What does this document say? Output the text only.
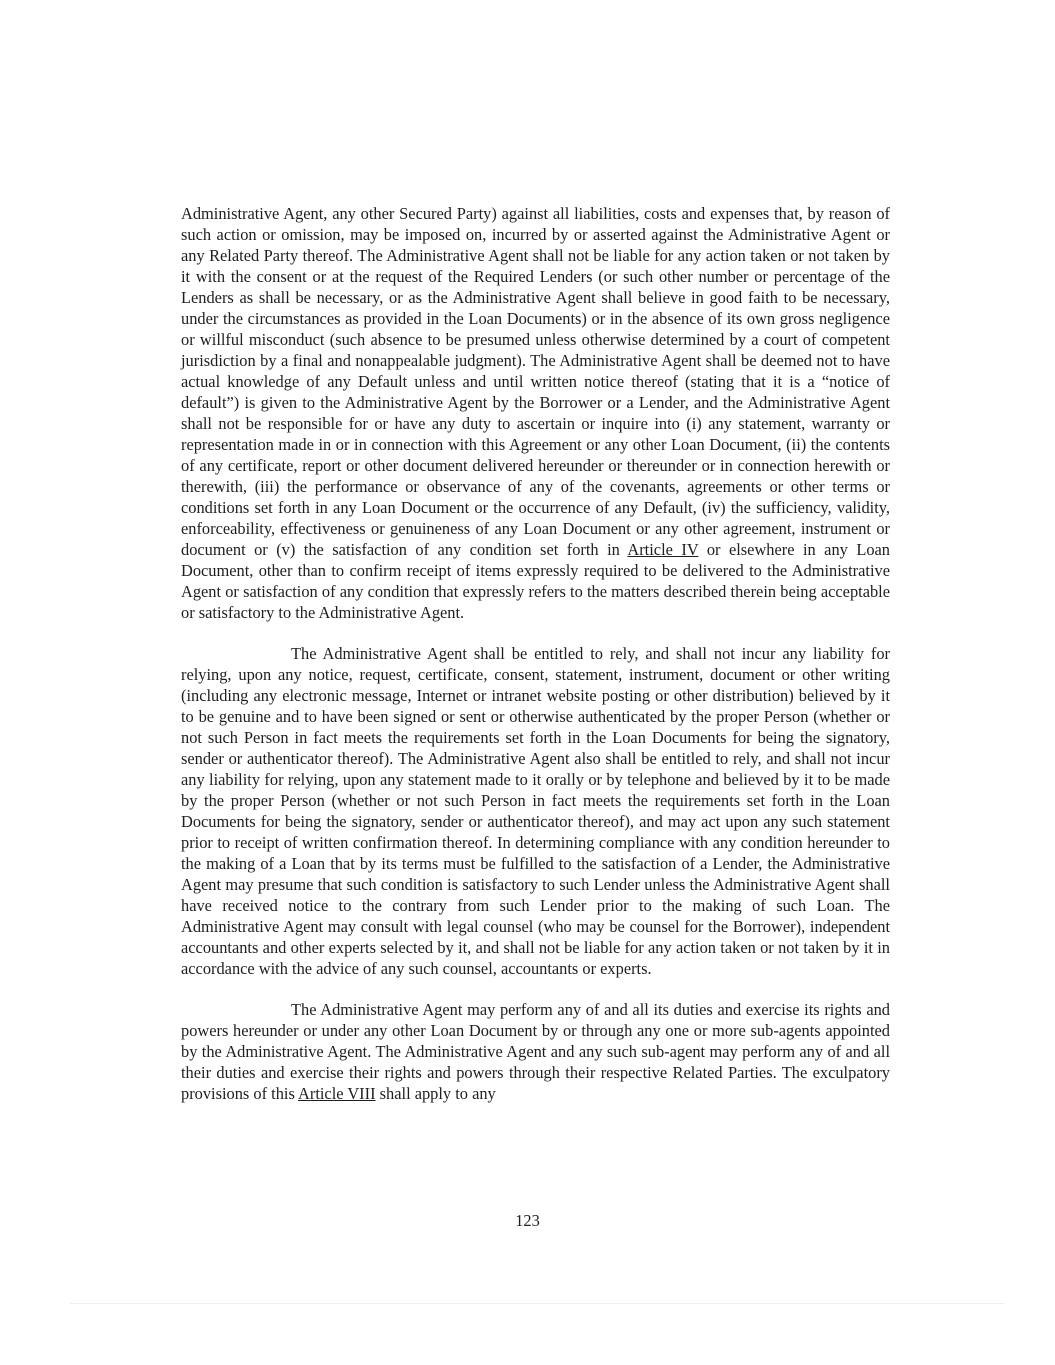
Administrative Agent, any other Secured Party) against all liabilities, costs and expenses that, by reason of such action or omission, may be imposed on, incurred by or asserted against the Administrative Agent or any Related Party thereof. The Administrative Agent shall not be liable for any action taken or not taken by it with the consent or at the request of the Required Lenders (or such other number or percentage of the Lenders as shall be necessary, or as the Administrative Agent shall believe in good faith to be necessary, under the circumstances as provided in the Loan Documents) or in the absence of its own gross negligence or willful misconduct (such absence to be presumed unless otherwise determined by a court of competent jurisdiction by a final and nonappealable judgment). The Administrative Agent shall be deemed not to have actual knowledge of any Default unless and until written notice thereof (stating that it is a “notice of default”) is given to the Administrative Agent by the Borrower or a Lender, and the Administrative Agent shall not be responsible for or have any duty to ascertain or inquire into (i) any statement, warranty or representation made in or in connection with this Agreement or any other Loan Document, (ii) the contents of any certificate, report or other document delivered hereunder or thereunder or in connection herewith or therewith, (iii) the performance or observance of any of the covenants, agreements or other terms or conditions set forth in any Loan Document or the occurrence of any Default, (iv) the sufficiency, validity, enforceability, effectiveness or genuineness of any Loan Document or any other agreement, instrument or document or (v) the satisfaction of any condition set forth in Article IV or elsewhere in any Loan Document, other than to confirm receipt of items expressly required to be delivered to the Administrative Agent or satisfaction of any condition that expressly refers to the matters described therein being acceptable or satisfactory to the Administrative Agent.

The Administrative Agent shall be entitled to rely, and shall not incur any liability for relying, upon any notice, request, certificate, consent, statement, instrument, document or other writing (including any electronic message, Internet or intranet website posting or other distribution) believed by it to be genuine and to have been signed or sent or otherwise authenticated by the proper Person (whether or not such Person in fact meets the requirements set forth in the Loan Documents for being the signatory, sender or authenticator thereof). The Administrative Agent also shall be entitled to rely, and shall not incur any liability for relying, upon any statement made to it orally or by telephone and believed by it to be made by the proper Person (whether or not such Person in fact meets the requirements set forth in the Loan Documents for being the signatory, sender or authenticator thereof), and may act upon any such statement prior to receipt of written confirmation thereof. In determining compliance with any condition hereunder to the making of a Loan that by its terms must be fulfilled to the satisfaction of a Lender, the Administrative Agent may presume that such condition is satisfactory to such Lender unless the Administrative Agent shall have received notice to the contrary from such Lender prior to the making of such Loan. The Administrative Agent may consult with legal counsel (who may be counsel for the Borrower), independent accountants and other experts selected by it, and shall not be liable for any action taken or not taken by it in accordance with the advice of any such counsel, accountants or experts.

The Administrative Agent may perform any of and all its duties and exercise its rights and powers hereunder or under any other Loan Document by or through any one or more sub-agents appointed by the Administrative Agent. The Administrative Agent and any such sub-agent may perform any of and all their duties and exercise their rights and powers through their respective Related Parties. The exculpatory provisions of this Article VIII shall apply to any

123
